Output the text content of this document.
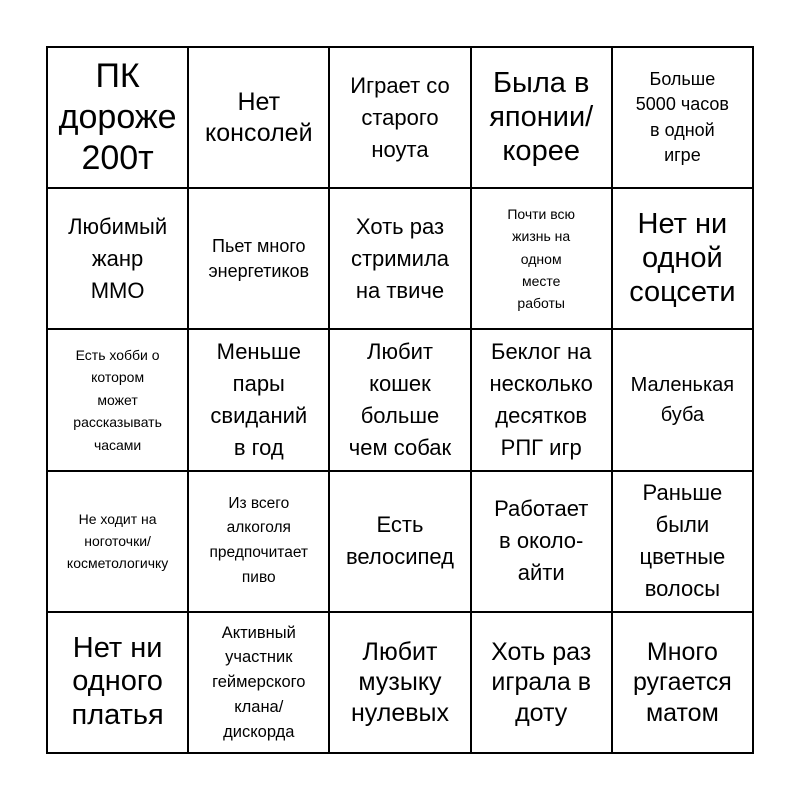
ПК
дороже
200т
Нет
консолей
Играет со
старого
ноута
Была в
японии/
корее
Больше
5000 часов
в одной
игре
Любимый
жанр
ММО
Пьет много
энергетиков
Хоть раз
стримила
на твиче
Почти всю
жизнь на
одном
месте
работы
Нет ни
одной
соцсети
Есть хобби о
котором
может
рассказывать
часами
Меньше
пары
свиданий
в год
Любит
кошек
больше
чем собак
Беклог на
несколько
десятков
РПГ игр
Маленькая
буба
Не ходит на
ноготочки/
косметологичку
Из всего
алкоголя
предпочитает
пиво
Есть
велосипед
Работает
в около-
айти
Раньше
были
цветные
волосы
Нет ни
одного
платья
Активный
участник
геймерского
клана/
дискорда
Любит
музыку
нулевых
Хоть раз
играла в
доту
Много
ругается
матом
